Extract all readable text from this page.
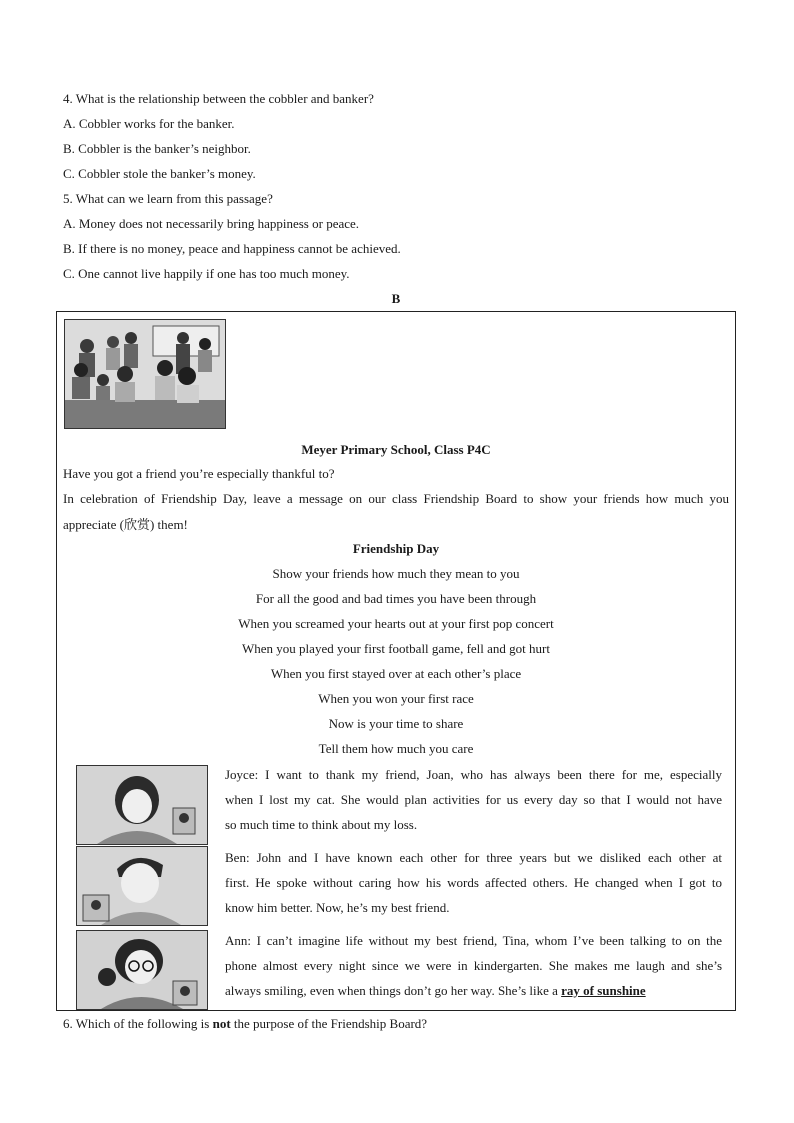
4. What is the relationship between the cobbler and banker?
A. Cobbler works for the banker.
B. Cobbler is the banker’s neighbor.
C. Cobbler stole the banker’s money.
5. What can we learn from this passage?
A. Money does not necessarily bring happiness or peace.
B. If there is no money, peace and happiness cannot be achieved.
C. One cannot live happily if one has too much money.
B
Meyer Primary School, Class P4C
Have you got a friend you’re especially thankful to?
In celebration of Friendship Day, leave a message on our class Friendship Board to show your friends how much you
appreciate (欣赏) them!
Friendship Day
Show your friends how much they mean to you
For all the good and bad times you have been through
When you screamed your hearts out at your first pop concert
When you played your first football game, fell and got hurt
When you first stayed over at each other’s place
When you won your first race
Now is your time to share
Tell them how much you care
Joyce: I want to thank my friend, Joan, who has always been there for me, especially
when I lost my cat. She would plan activities for us every day so that I would not have
so much time to think about my loss.
Ben: John and I have known each other for three years but we disliked each other at
first. He spoke without caring how his words affected others. He changed when I got to
know him better. Now, he’s my best friend.
Ann: I can’t imagine life without my best friend, Tina, whom I’ve been talking to on the
phone almost every night since we were in kindergarten. She makes me laugh and she’s
always smiling, even when things don’t go her way. She’s like a ray of sunshine
6. Which of the following is not the purpose of the Friendship Board?
